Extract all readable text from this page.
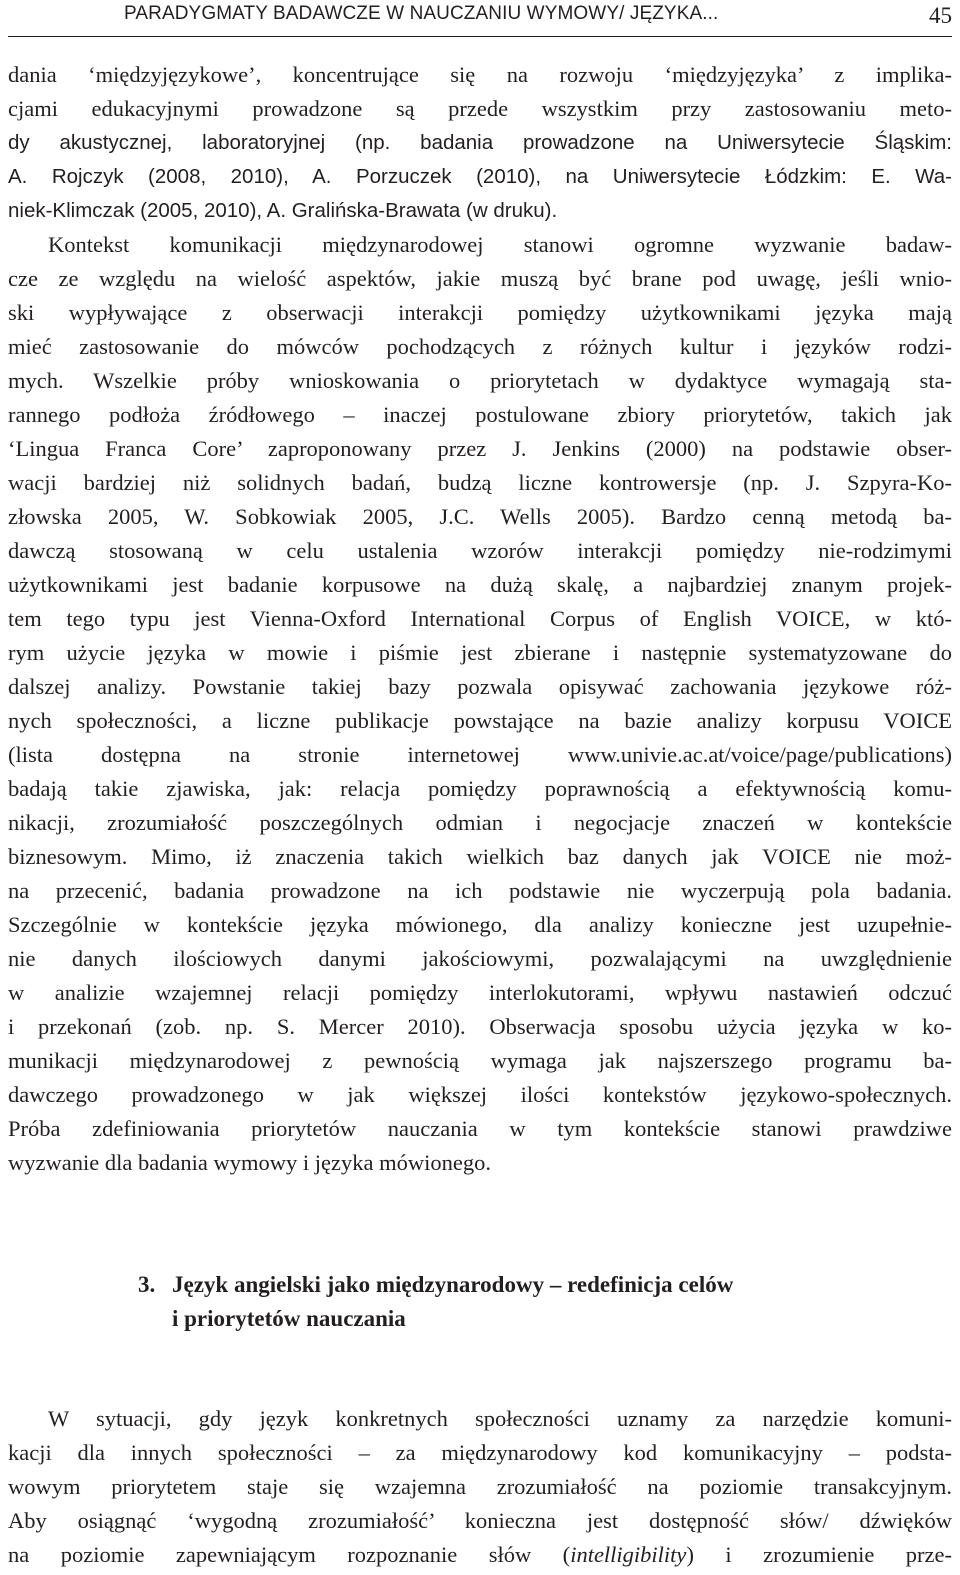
PARADYGMATY BADAWCZE W NAUCZANIU WYMOWY/ JĘZYKA...	45
dania ‘międzyjęzykowe’, koncentrujące się na rozwoju ‘międzyjęzyka’ z implika-
cjami edukacyjnymi prowadzone są przede wszystkim przy zastosowaniu meto-
dy akustycznej, laboratoryjnej (np. badania prowadzone na Uniwersytecie Śląskim:
A. Rojczyk (2008, 2010), A. Porzuczek (2010), na Uniwersytecie Łódzkim: E. Wa-
niek-Klimczak (2005, 2010), A. Gralińska-Brawata (w druku).
Kontekst komunikacji międzynarodowej stanowi ogromne wyzwanie badaw-
cze ze względu na wielość aspektów, jakie muszą być brane pod uwagę, jeśli wnio-
ski wypływające z obserwacji interakcji pomiędzy użytkownikami języka mają
mieć zastosowanie do mówców pochodzących z różnych kultur i języków rodzi-
mych. Wszelkie próby wnioskowania o priorytetach w dydaktyce wymagają sta-
rannego podłoża źródłowego – inaczej postulowane zbiory priorytetów, takich jak
‘Lingua Franca Core’ zaproponowany przez J. Jenkins (2000) na podstawie obser-
wacji bardziej niż solidnych badań, budzą liczne kontrowersje (np. J. Szpyra-Ko-
złowska 2005, W. Sobkowiak 2005, J.C. Wells 2005). Bardzo cenną metodą ba-
dawczą stosowaną w celu ustalenia wzorów interakcji pomiędzy nie-rodzimymi
użytkownikami jest badanie korpusowe na dużą skalę, a najbardziej znanym projek-
tem tego typu jest Vienna-Oxford International Corpus of English VOICE, w któ-
rym użycie języka w mowie i piśmie jest zbierane i następnie systematyzowane do
dalszej analizy. Powstanie takiej bazy pozwala opisywać zachowania językowe róż-
nych społeczności, a liczne publikacje powstające na bazie analizy korpusu VOICE
(lista dostępna na stronie internetowej www.univie.ac.at/voice/page/publications)
badają takie zjawiska, jak: relacja pomiędzy poprawnością a efektywnością komu-
nikacji, zrozumiałość poszczególnych odmian i negocjacje znaczeń w kontekście
biznesowym. Mimo, iż znaczenia takich wielkich baz danych jak VOICE nie moż-
na przecenić, badania prowadzone na ich podstawie nie wyczerpują pola badania.
Szczególnie w kontekście języka mówionego, dla analizy konieczne jest uzupełnie-
nie danych ilościowych danymi jakościowymi, pozwalającymi na uwzględnienie
w analizie wzajemnej relacji pomiędzy interlokutorami, wpływu nastawień odczuć
i przekonań (zob. np. S. Mercer 2010). Obserwacja sposobu użycia języka w ko-
munikacji międzynarodowej z pewnością wymaga jak najszerszego programu ba-
dawczego prowadzonego w jak większej ilości kontekstów językowo-społecznych.
Próba zdefiniowania priorytetów nauczania w tym kontekście stanowi prawdziwe
wyzwanie dla badania wymowy i języka mówionego.
3. Język angielski jako międzynarodowy – redefinicja celów
i priorytetów nauczania
W sytuacji, gdy język konkretnych społeczności uznamy za narzędzie komuni-
kacji dla innych społeczności – za międzynarodowy kod komunikacyjny – podsta-
wowym priorytetem staje się wzajemna zrozumiałość na poziomie transakcyjnym.
Aby osiągnąć ‘wygodną zrozumiałość’ konieczna jest dostępność słów/ dźwięków
na poziomie zapewniającym rozpoznanie słów (intelligibility) i zrozumienie prze-
